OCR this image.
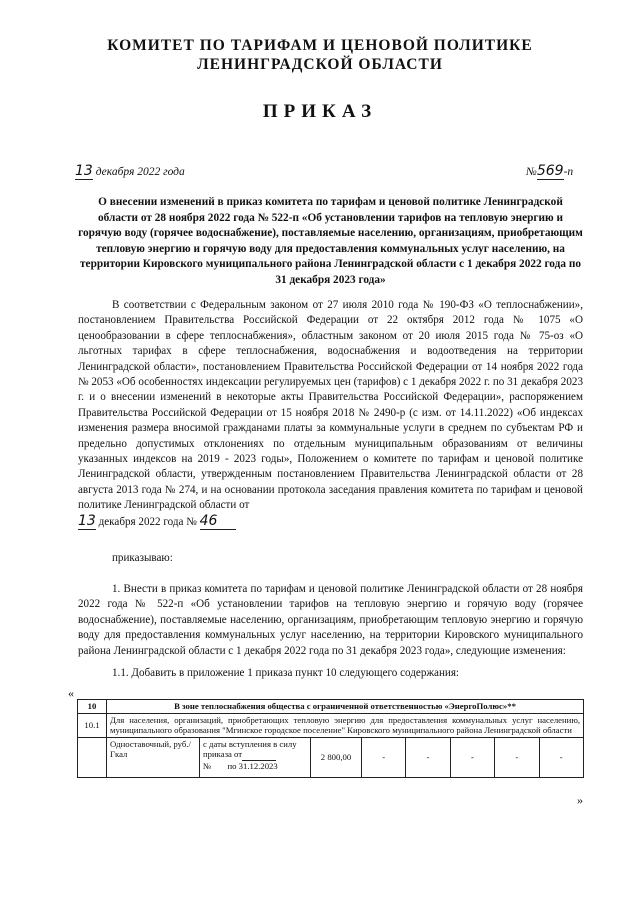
КОМИТЕТ ПО ТАРИФАМ И ЦЕНОВОЙ ПОЛИТИКЕ
ЛЕНИНГРАДСКОЙ ОБЛАСТИ
ПРИКАЗ
13 декабря 2022 года	№569-п
О внесении изменений в приказ комитета по тарифам и ценовой политике Ленинградской области от 28 ноября 2022 года № 522-п «Об установлении тарифов на тепловую энергию и горячую воду (горячее водоснабжение), поставляемые населению, организациям, приобретающим тепловую энергию и горячую воду для предоставления коммунальных услуг населению, на территории Кировского муниципального района Ленинградской области с 1 декабря 2022 года по 31 декабря 2023 года»

В соответствии с Федеральным законом от 27 июля 2010 года № 190-ФЗ «О теплоснабжении», постановлением Правительства Российской Федерации от 22 октября 2012 года № 1075 «О ценообразовании в сфере теплоснабжения», областным законом от 20 июля 2015 года № 75-оз «О льготных тарифах в сфере теплоснабжения, водоснабжения и водоотведения на территории Ленинградской области», постановлением Правительства Российской Федерации от 14 ноября 2022 года № 2053 «Об особенностях индексации регулируемых цен (тарифов) с 1 декабря 2022 г. по 31 декабря 2023 г. и о внесении изменений в некоторые акты Правительства Российской Федерации», распоряжением Правительства Российской Федерации от 15 ноября 2018 № 2490-р (с изм. от 14.11.2022) «Об индексах изменения размера вносимой гражданами платы за коммунальные услуги в среднем по субъектам РФ и предельно допустимых отклонениях по отдельным муниципальным образованиям от величины указанных индексов на 2019 - 2023 годы», Положением о комитете по тарифам и ценовой политике Ленинградской области, утвержденным постановлением Правительства Ленинградской области от 28 августа 2013 года № 274, и на основании протокола заседания правления комитета по тарифам и ценовой политике Ленинградской области от
13 декабря 2022 года № 46

приказываю:

1. Внести в приказ комитета по тарифам и ценовой политике Ленинградской области от 28 ноября 2022 года № 522-п «Об установлении тарифов на тепловую энергию и горячую воду (горячее водоснабжение), поставляемые населению, организациям, приобретающим тепловую энергию и горячую воду для предоставления коммунальных услуг населению, на территории Кировского муниципального района Ленинградской области с 1 декабря 2022 года по 31 декабря 2023 года», следующие изменения:

1.1. Добавить в приложение 1 приказа пункт 10 следующего содержания:
«
10	В зоне теплоснабжения общества с ограниченной ответственностью «ЭнергоПолюс»**							
10.1	Для населения, организаций, приобретающих тепловую энергию для предоставления коммунальных услуг населению, муниципального образования "Мгинское городское поселение" Кировского муниципального района Ленинградской области							
	Одноставочный, руб./Гкал	с даты вступления в силу
приказа от
№ по 31.12.2023	2 800,00	-	-	-	-	-
»
